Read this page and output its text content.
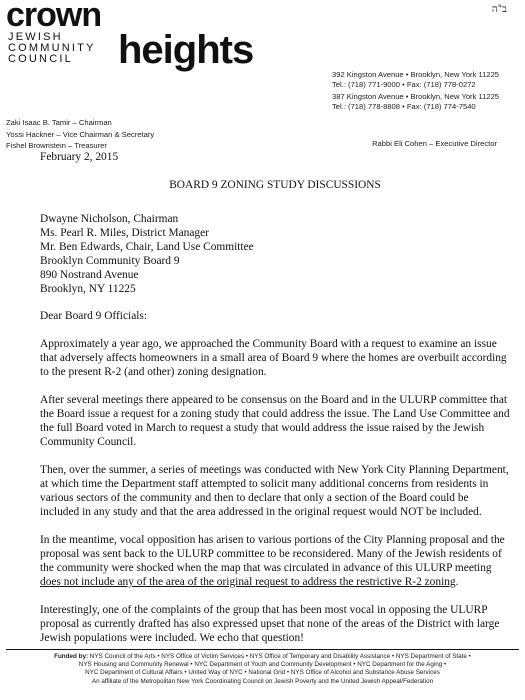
crown
JEWISH
COMMUNITY
COUNCIL heights
ב"ה
392 Kingston Avenue • Brooklyn, New York 11225
Tel.: (718) 771-9000 • Fax: (718) 778-0272
387 Kingston Avenue • Brooklyn, New York 11225
Tel.: (718) 778-8808 • Fax: (718) 774-7540
Zaki Isaac B. Tamir – Chairman
Yossi Hackner – Vice Chairman & Secretary
Fishel Brownstein – Treasurer	Rabbi Eli Cohen – Executive Director

February 2, 2015

BOARD 9 ZONING STUDY DISCUSSIONS

Dwayne Nicholson, Chairman
Ms. Pearl R. Miles, District Manager
Mr. Ben Edwards, Chair, Land Use Committee
Brooklyn Community Board 9
890 Nostrand Avenue
Brooklyn, NY 11225

Dear Board 9 Officials:

Approximately a year ago, we approached the Community Board with a request to examine an issue that adversely affects homeowners in a small area of Board 9 where the homes are overbuilt according to the present R-2 (and other) zoning designation.

After several meetings there appeared to be consensus on the Board and in the ULURP committee that the Board issue a request for a zoning study that could address the issue. The Land Use Committee and the full Board voted in March to request a study that would address the issue raised by the Jewish Community Council.

Then, over the summer, a series of meetings was conducted with New York City Planning Department, at which time the Department staff attempted to solicit many additional concerns from residents in various sectors of the community and then to declare that only a section of the Board could be included in any study and that the area addressed in the original request would NOT be included.

In the meantime, vocal opposition has arisen to various portions of the City Planning proposal and the proposal was sent back to the ULURP committee to be reconsidered. Many of the Jewish residents of the community were shocked when the map that was circulated in advance of this ULURP meeting does not include any of the area of the original request to address the restrictive R-2 zoning.

Interestingly, one of the complaints of the group that has been most vocal in opposing the ULURP proposal as currently drafted has also expressed upset that none of the areas of the District with large Jewish populations were included. We echo that question!

Funded by: NYS Council of the Arts • NYS Office of Victim Services • NYS Office of Temporary and Disability Assistance • NYS Department of State •
NYS Housing and Community Renewal • NYC Department of Youth and Community Development • NYC Department for the Aging •
NYC Department of Cultural Affairs • United Way of NYC • National Grid • NYS Office of Alcohol and Substance Abuse Services
An affiliate of the Metropolitan New York Coordinating Council on Jewish Poverty and the United Jewish Appeal/Federation
